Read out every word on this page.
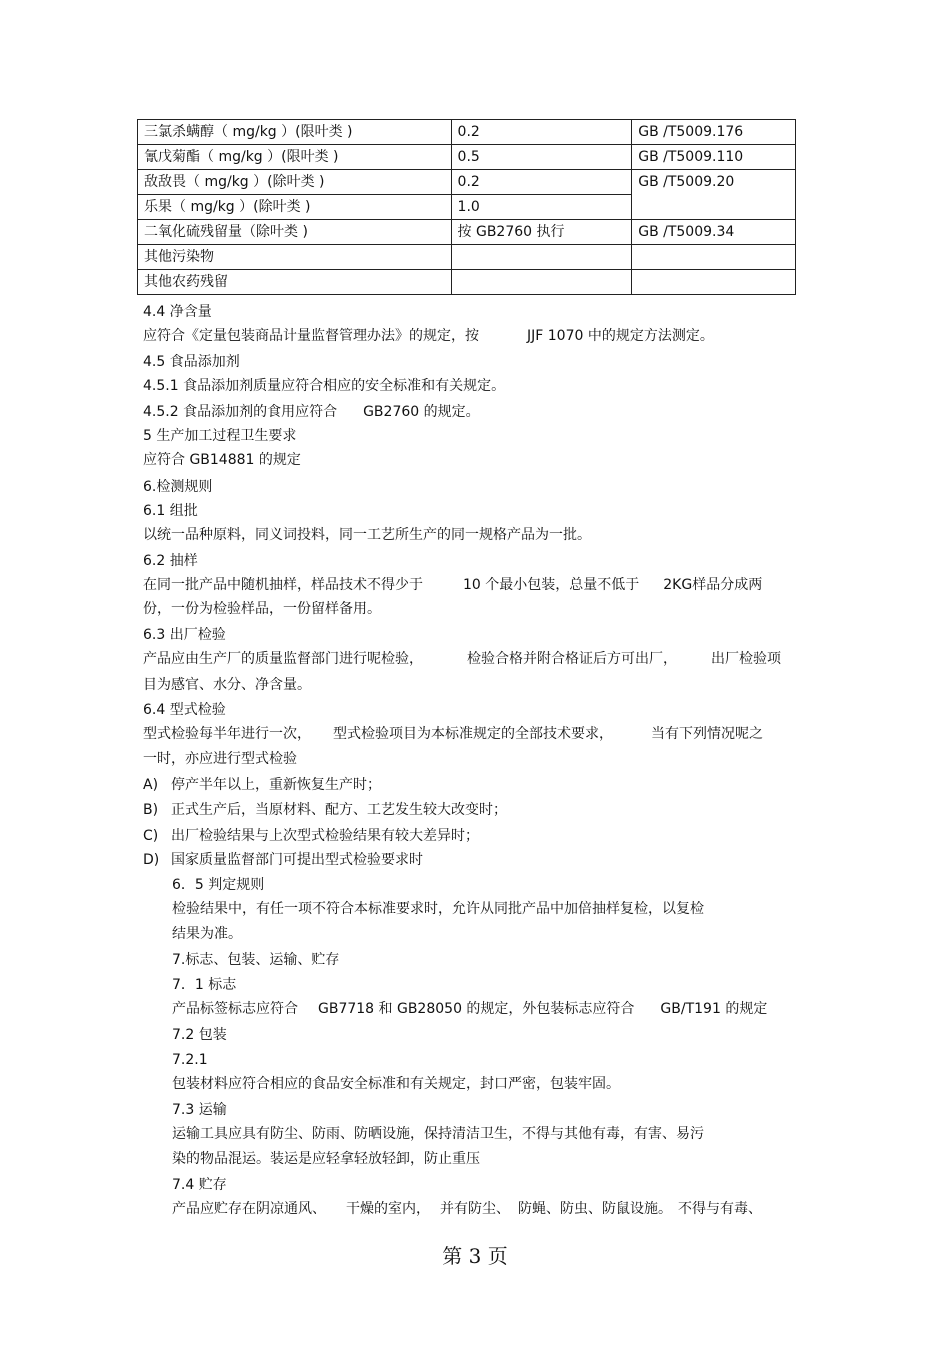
三氯杀螨醇（ mg/kg ）(限叶类 )	0.2	GB /T5009.176
氰戊菊酯（ mg/kg ）(限叶类 )	0.5	GB /T5009.110
敌敌畏（ mg/kg ）(除叶类 )	0.2	GB /T5009.20
乐果（ mg/kg ）(除叶类 )	1.0	
二氧化硫残留量（除叶类 )	按 GB2760 执行	GB /T5009.34
其他污染物		
其他农药残留		
4.4 净含量
应符合《定量包装商品计量监督管理办法》的规定，按	JJF 1070 中的规定方法测定。
4.5 食品添加剂
4.5.1 食品添加剂质量应符合相应的安全标准和有关规定。
4.5.2 食品添加剂的食用应符合 GB2760 的规定。
5 生产加工过程卫生要求
应符合 GB14881 的规定
6.检测规则
6.1 组批
以统一品种原料，同义词投料，同一工艺所生产的同一规格产品为一批。
6.2 抽样
在同一批产品中随机抽样，样品技术不得少于	10 个最小包装，总量不低于 2KG样品分成两
份，一份为检验样品，一份留样备用。
6.3 出厂检验
产品应由生产厂的质量监督部门进行呢检验，	检验合格并附合格证后方可出厂， 出厂检验项
目为感官、水分、净含量。
6.4 型式检验
型式检验每半年进行一次， 型式检验项目为本标准规定的全部技术要求，	当有下列情况呢之
一时，亦应进行型式检验
A) 停产半年以上，重新恢复生产时；
B) 正式生产后，当原材料、配方、工艺发生较大改变时；
C) 出厂检验结果与上次型式检验结果有较大差异时；
D) 国家质量监督部门可提出型式检验要求时
6．5 判定规则
检验结果中，有任一项不符合本标准要求时，允许从同批产品中加倍抽样复检，以复检
结果为准。
7.标志、包装、运输、贮存
7．1 标志
产品标签标志应符合 GB7718 和 GB28050 的规定，外包装标志应符合 GB/T191 的规定
7.2 包装
7.2.1
包装材料应符合相应的食品安全标准和有关规定，封口严密，包装牢固。
7.3 运输
运输工具应具有防尘、防雨、防晒设施，保持清洁卫生，不得与其他有毒，有害、易污
染的物品混运。装运是应轻拿轻放轻卸，防止重压
7.4 贮存
产品应贮存在阴凉通风、 干燥的室内， 并有防尘、 防蝇、防虫、防鼠设施。 不得与有毒、
第 3 页
